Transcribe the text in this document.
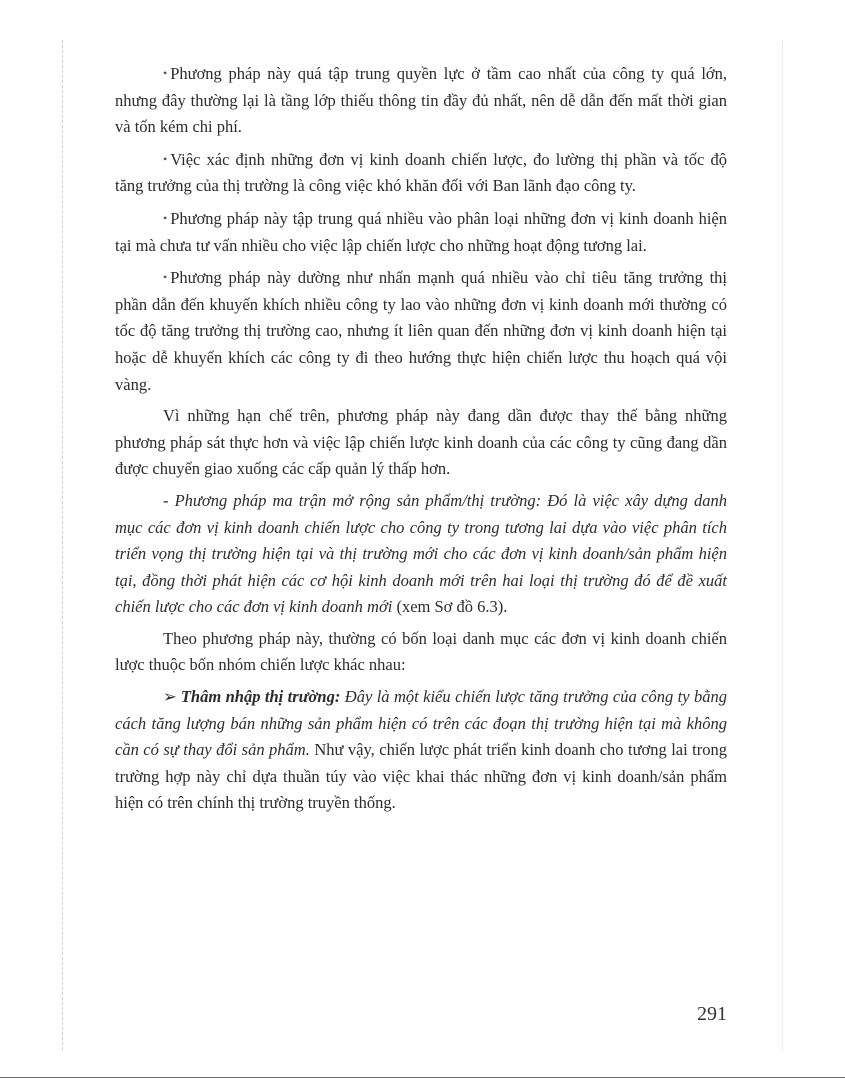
• Phương pháp này quá tập trung quyền lực ở tầm cao nhất của công ty quá lớn, nhưng đây thường lại là tầng lớp thiếu thông tin đầy đủ nhất, nên dễ dẫn đến mất thời gian và tốn kém chi phí.

• Việc xác định những đơn vị kinh doanh chiến lược, đo lường thị phần và tốc độ tăng trưởng của thị trường là công việc khó khăn đối với Ban lãnh đạo công ty.

• Phương pháp này tập trung quá nhiều vào phân loại những đơn vị kinh doanh hiện tại mà chưa tư vấn nhiều cho việc lập chiến lược cho những hoạt động tương lai.

• Phương pháp này dường như nhấn mạnh quá nhiều vào chỉ tiêu tăng trưởng thị phần dẫn đến khuyến khích nhiều công ty lao vào những đơn vị kinh doanh mới thường có tốc độ tăng trưởng thị trường cao, nhưng ít liên quan đến những đơn vị kinh doanh hiện tại hoặc dễ khuyến khích các công ty đi theo hướng thực hiện chiến lược thu hoạch quá vội vàng.

Vì những hạn chế trên, phương pháp này đang dần được thay thế bằng những phương pháp sát thực hơn và việc lập chiến lược kinh doanh của các công ty cũng đang dần được chuyển giao xuống các cấp quản lý thấp hơn.

- Phương pháp ma trận mở rộng sản phẩm/thị trường: Đó là việc xây dựng danh mục các đơn vị kinh doanh chiến lược cho công ty trong tương lai dựa vào việc phân tích triển vọng thị trường hiện tại và thị trường mới cho các đơn vị kinh doanh/sản phẩm hiện tại, đồng thời phát hiện các cơ hội kinh doanh mới trên hai loại thị trường đó để đề xuất chiến lược cho các đơn vị kinh doanh mới (xem Sơ đồ 6.3).

Theo phương pháp này, thường có bốn loại danh mục các đơn vị kinh doanh chiến lược thuộc bốn nhóm chiến lược khác nhau:

➢ Thâm nhập thị trường: Đây là một kiểu chiến lược tăng trưởng của công ty bằng cách tăng lượng bán những sản phẩm hiện có trên các đoạn thị trường hiện tại mà không cần có sự thay đổi sản phẩm. Như vậy, chiến lược phát triển kinh doanh cho tương lai trong trường hợp này chỉ dựa thuần túy vào việc khai thác những đơn vị kinh doanh/sản phẩm hiện có trên chính thị trường truyền thống.

291
